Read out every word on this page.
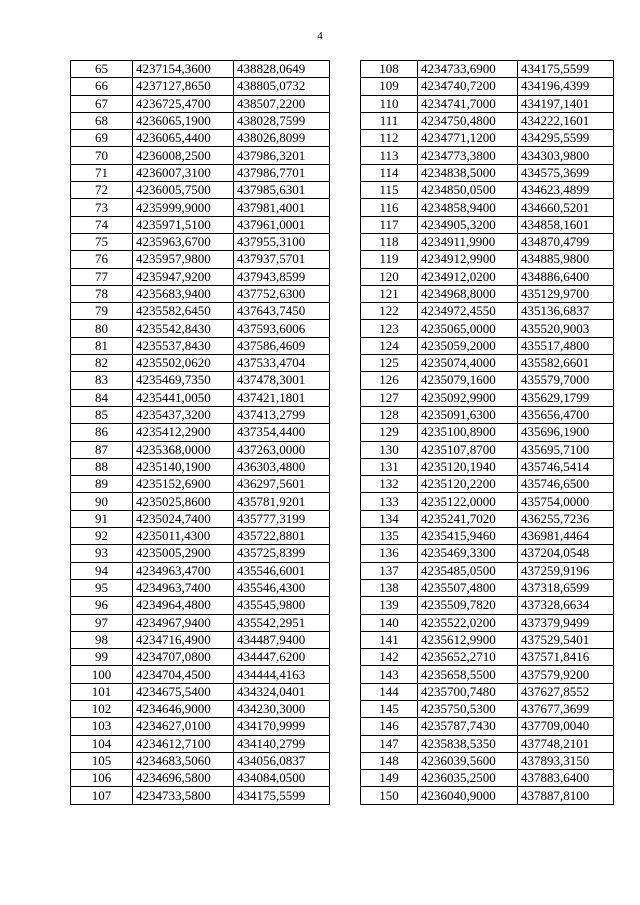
4
65	4237154,3600	438828,0649
66	4237127,8650	438805,0732
67	4236725,4700	438507,2200
68	4236065,1900	438028,7599
69	4236065,4400	438026,8099
70	4236008,2500	437986,3201
71	4236007,3100	437986,7701
72	4236005,7500	437985,6301
73	4235999,9000	437981,4001
74	4235971,5100	437961,0001
75	4235963,6700	437955,3100
76	4235957,9800	437937,5701
77	4235947,9200	437943,8599
78	4235683,9400	437752,6300
79	4235582,6450	437643,7450
80	4235542,8430	437593,6006
81	4235537,8430	437586,4609
82	4235502,0620	437533,4704
83	4235469,7350	437478,3001
84	4235441,0050	437421,1801
85	4235437,3200	437413,2799
86	4235412,2900	437354,4400
87	4235368,0000	437263,0000
88	4235140,1900	436303,4800
89	4235152,6900	436297,5601
90	4235025,8600	435781,9201
91	4235024,7400	435777,3199
92	4235011,4300	435722,8801
93	4235005,2900	435725,8399
94	4234963,4700	435546,6001
95	4234963,7400	435546,4300
96	4234964,4800	435545,9800
97	4234967,9400	435542,2951
98	4234716,4900	434487,9400
99	4234707,0800	434447,6200
100	4234704,4500	434444,4163
101	4234675,5400	434324,0401
102	4234646,9000	434230,3000
103	4234627,0100	434170,9999
104	4234612,7100	434140,2799
105	4234683,5060	434056,0837
106	4234696,5800	434084,0500
107	4234733,5800	434175,5599
108	4234733,6900	434175,5599
109	4234740,7200	434196,4399
110	4234741,7000	434197,1401
111	4234750,4800	434222,1601
112	4234771,1200	434295,5599
113	4234773,3800	434303,9800
114	4234838,5000	434575,3699
115	4234850,0500	434623,4899
116	4234858,9400	434660,5201
117	4234905,3200	434858,1601
118	4234911,9900	434870,4799
119	4234912,9900	434885,9800
120	4234912,0200	434886,6400
121	4234968,8000	435129,9700
122	4234972,4550	435136,6837
123	4235065,0000	435520,9003
124	4235059,2000	435517,4800
125	4235074,4000	435582,6601
126	4235079,1600	435579,7000
127	4235092,9900	435629,1799
128	4235091,6300	435656,4700
129	4235100,8900	435696,1900
130	4235107,8700	435695,7100
131	4235120,1940	435746,5414
132	4235120,2200	435746,6500
133	4235122,0000	435754,0000
134	4235241,7020	436255,7236
135	4235415,9460	436981,4464
136	4235469,3300	437204,0548
137	4235485,0500	437259,9196
138	4235507,4800	437318,6599
139	4235509,7820	437328,6634
140	4235522,0200	437379,9499
141	4235612,9900	437529,5401
142	4235652,2710	437571,8416
143	4235658,5500	437579,9200
144	4235700,7480	437627,8552
145	4235750,5300	437677,3699
146	4235787,7430	437709,0040
147	4235838,5350	437748,2101
148	4236039,5600	437893,3150
149	4236035,2500	437883,6400
150	4236040,9000	437887,8100
